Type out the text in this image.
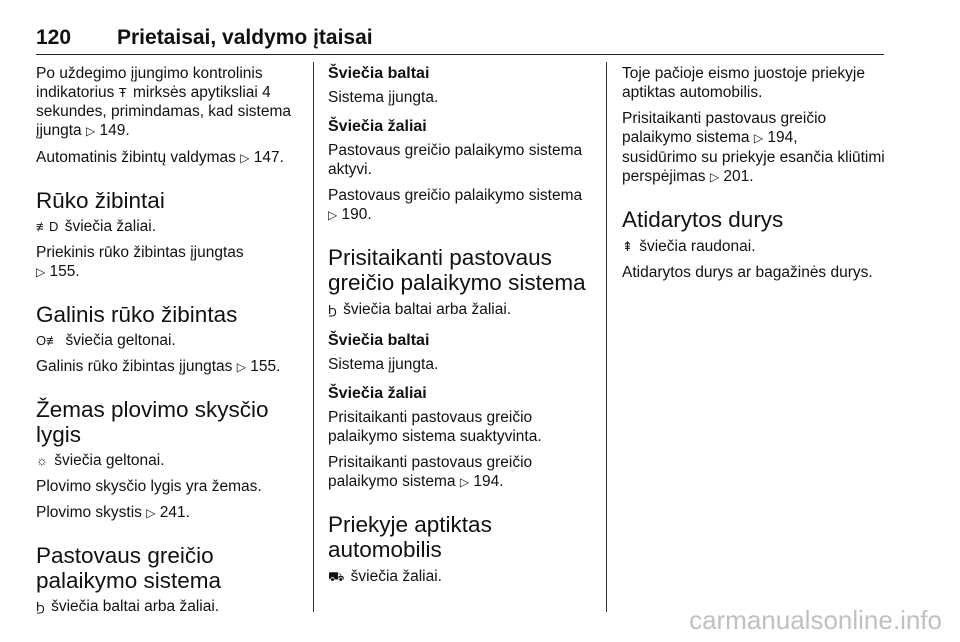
120 Prietaisai, valdymo įtaisai

Po uždegimo įjungimo kontrolinis indikatorius Ŧ mirksės apytiksliai 4 sekundes, primindamas, kad sistema įjungta ▷ 149.

Automatinis žibintų valdymas ▷ 147.

Rūko žibintai

≢D šviečia žaliai.

Priekinis rūko žibintas įjungtas
▷ 155.

Galinis rūko žibintas

O≢ šviečia geltonai.

Galinis rūko žibintas įjungtas ▷ 155.

Žemas plovimo skysčio lygis

☼ šviečia geltonai.

Plovimo skysčio lygis yra žemas.

Plovimo skystis ▷ 241.

Pastovaus greičio palaikymo sistema

Ϧ šviečia baltai arba žaliai.

Šviečia baltai

Sistema įjungta.

Šviečia žaliai

Pastovaus greičio palaikymo sistema aktyvi.

Pastovaus greičio palaikymo sistema
▷ 190.

Prisitaikanti pastovaus greičio palaikymo sistema

Ϧ šviečia baltai arba žaliai.

Šviečia baltai

Sistema įjungta.

Šviečia žaliai

Prisitaikanti pastovaus greičio palaikymo sistema suaktyvinta.

Prisitaikanti pastovaus greičio palaikymo sistema ▷ 194.

Priekyje aptiktas automobilis

⛟ šviečia žaliai.

Toje pačioje eismo juostoje priekyje aptiktas automobilis.

Prisitaikanti pastovaus greičio palaikymo sistema ▷ 194,
susidūrimo su priekyje esančia kliūtimi perspėjimas ▷ 201.

Atidarytos durys

⇞ šviečia raudonai.

Atidarytos durys ar bagažinės durys.

carmanualsonline.info
